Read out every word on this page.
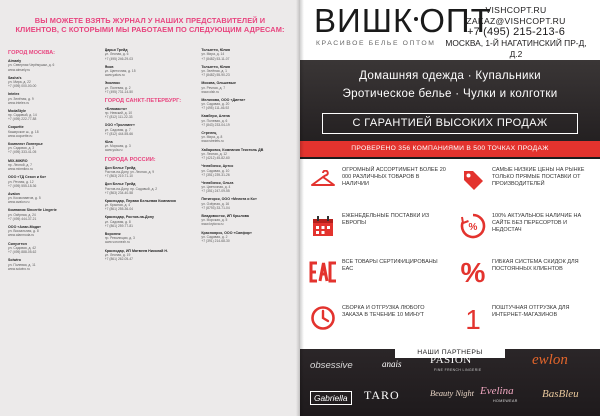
ВЫ МОЖЕТЕ ВЗЯТЬ ЖУРНАЛ У НАШИХ ПРЕДСТАВИТЕЛЕЙ И КЛИЕНТОВ, С КОТОРЫМИ МЫ РАБОТАЕМ ПО СЛЕДУЮЩИМ АДРЕСАМ:
ГОРОД МОСКВА:
Aimarly
ул. Северная Черёмушки, д. 6
www.aimarly.ru
Sasha's
ул. Мира, д. 22
+7 (495) 000-00-00
Intelex
ул. Зелёная, д. 9
www.intelex.ru
ModaStyle
пр. Садовый, д. 14
+7 (495) 222-77-88
Coquette
Каширское ш., д. 18
www.coquette.ru
Комплект Лингерье
ул. Садовая, д. 3
+7 (495) 333-41-05
MIX-MIKRO
пр. Лесной, д. 7
www.mixmikro.ru
ООО «ТД Сезон и Ко»
ул. Речная, д. 12
+7 (495) 555-18-36
Avalon
ул. Космонавтов, д. 5
www.avalon.ru
Компания Sincerite Lingerie
ул. Озёрная, д. 24
+7 (495) 444-37-21
ООО «Алан-Мода»
ул. Вокзальная, д. 8
www.alanmoda.ru
Силуэттон
ул. Садовая, д. 42
+7 (495) 888-05-62
Soiwiro
ул. Полевая, д. 11
www.soiwiro.ru
Дарья Трейд
ул. Лесная, д. 6
+7 (495) 246-29-03
Яков
ул. Цветочная, д. 15
www.yakov.ru
Эколюкс
ул. Полевая, д. 2
+7 (495) 731-14-50
ГОРОД САНКТ-ПЕТЕРБУРГ:
«Блюмасто»
пр. Невский, д. 10
+7 (812) 111-22-33
ООО «Троллинг»
ул. Садовая, д. 7
+7 (812) 444-55-66
Юла
ул. Морская, д. 3
www.yula.ru
ГОРОДА РОССИИ:
Дон Белье Трейд
Ростов-на-Дону, ул. Лесная, д. 9
+7 (863) 219-71-10
Дон Белье Трейд
Ростов-на-Дону, пр. Садовый, д. 2
+7 (863) 234-40-58
Краснодар, Первая Бельевая Компания
ул. Красная, д. 4
+7 (861) 255-36-04
Краснодар, Ростов-на-Дону
ул. Садовая, д. 8
+7 (861) 259-77-81
Воронеж
пр. Революции, д. 3
www.voronezh.ru
Краснодар, ИП Матвеев Николай Н.
ул. Лесная, д. 19
+7 (861) 262-05-47
Тольятти, Юлия
ул. Мира, д. 14
+7 (8482) 53-11-07
Тольятти, Юлия
ул. Зелёная, д. 1
+7 (8482) 55-90-23
Москва, Ольшевые
ул. Речная, д. 7
www.olsh.ru
Мелихова, ООО «Дипти»
ул. Садовая, д. 20
+7 (495) 111-46-92
Камбери, Алена
ул. Полевая, д. 6
+7 (843) 233-04-19
Стрелец
ул. Мира, д. 8
www.strelets.ru
Хабаровск, Компания Текстиль ДВ
ул. Лесная, д. 12
+7 (4212) 45-82-60
Челябинск, Артсо
ул. Садовая, д. 10
+7 (351) 239-31-26
Челябинск, Ольга
ул. Цветочная, д. 4
+7 (351) 247-09-55
Пятигорск, ООО «Мелита и Ко»
ул. Озёрная, д. 16
+7 (8793) 33-71-04
Владивосток, ИП Крылова
ул. Морская, д. 5
www.krylova.ru
Красноярск, ООО «Сапфир»
ул. Садовая, д. 2
+7 (391) 214-68-30
ВИШК ОПТ
КРАСИВОЕ БЕЛЬЕ ОПТОМ
VISHCOPT.RU ZAKAZ@VISHCOPT.RU
+7 (495) 215-213-6
МОСКВА, 1-Й НАГАТИНСКИЙ ПР-Д, Д.2
Домашняя одежда · Купальники
Эротическое белье · Чулки и колготки
С ГАРАНТИЕЙ ВЫСОКИХ ПРОДАЖ
ПРОВЕРЕНО 356 КОМПАНИЯМИ В 500 ТОЧКАХ ПРОДАЖ
ОГРОМНЫЙ АССОРТИМЕНТ БОЛЕЕ 20 000 РАЗЛИЧНЫХ ТОВАРОВ В НАЛИЧИИ
САМЫЕ НИЗКИЕ ЦЕНЫ НА РЫНКЕ ТОЛЬКО ПРЯМЫЕ ПОСТАВКИ ОТ ПРОИЗВОДИТЕЛЕЙ
ЕЖЕНЕДЕЛЬНЫЕ ПОСТАВКИ ИЗ ЕВРОПЫ	%
100% АКТУАЛЬНОЕ НАЛИЧИЕ НА САЙТЕ БЕЗ ПЕРЕСОРТОВ И НЕДОСТАЧ
ВСЕ ТОВАРЫ СЕРТИФИЦИРОВАНЫ ЕАС	% ГИБКАЯ СИСТЕМА СКИДОК ДЛЯ ПОСТОЯННЫХ КЛИЕНТОВ
СБОРКА И ОТГРУЗКА ЛЮБОГО ЗАКАЗА В ТЕЧЕНИЕ 10 МИНУТ	1 ПОШТУЧНАЯ ОТГРУЗКА ДЛЯ ИНТЕРНЕТ-МАГАЗИНОВ
НАШИ ПАРТНЕРЫ
obsessive	anais	PASION
FINE FRENCH LINGERIE
ewlon
Gabriella	TARO	Beauty Night Evelina
HOMEWEAR
BasBleu
